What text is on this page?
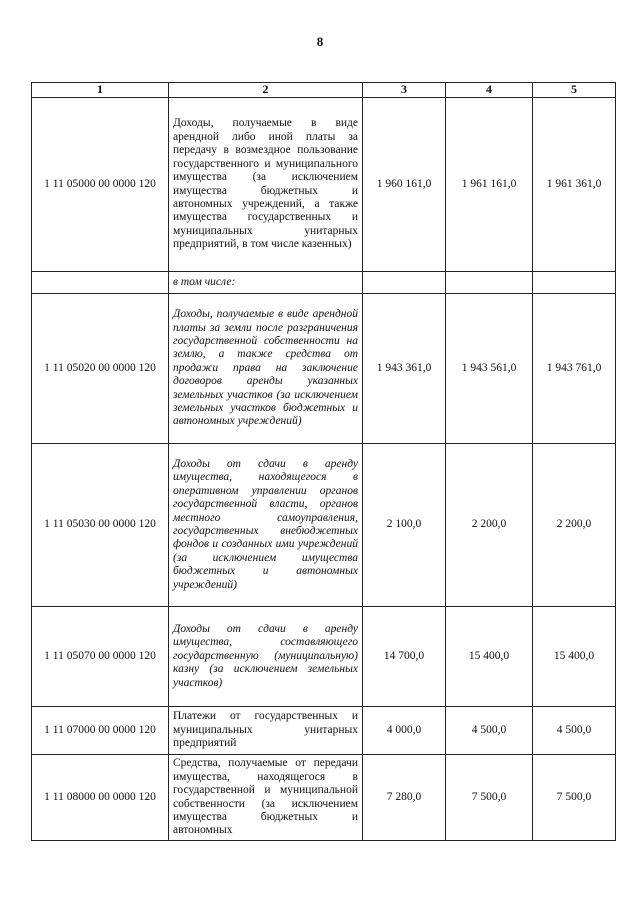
8
1	2	3	4	5
1 11 05000 00 0000 120	Доходы, получаемые в виде арендной либо иной платы за передачу в возмездное пользование государственного и муниципального имущества (за исключением имущества бюджетных и автономных учреждений, а также имущества государственных и муниципальных унитарных предприятий, в том числе казенных)	1 960 161,0	1 961 161,0	1 961 361,0
	в том числе:			
1 11 05020 00 0000 120	Доходы, получаемые в виде арендной платы за земли после разграничения государственной собственности на землю, а также средства от продажи права на заключение договоров аренды указанных земельных участков (за исключением земельных участков бюджетных и автономных учреждений)	1 943 361,0	1 943 561,0	1 943 761,0
1 11 05030 00 0000 120	Доходы от сдачи в аренду имущества, находящегося в оперативном управлении органов государственной власти, органов местного самоуправления, государственных внебюджетных фондов и созданных ими учреждений (за исключением имущества бюджетных и автономных учреждений)	2 100,0	2 200,0	2 200,0
1 11 05070 00 0000 120	Доходы от сдачи в аренду имущества, составляющего государственную (муниципальную) казну (за исключением земельных участков)	14 700,0	15 400,0	15 400,0
1 11 07000 00 0000 120	Платежи от государственных и муниципальных унитарных предприятий	4 000,0	4 500,0	4 500,0
1 11 08000 00 0000 120	Средства, получаемые от передачи имущества, находящегося в государственной и муниципальной собственности (за исключением имущества бюджетных и автономных	7 280,0	7 500,0	7 500,0
